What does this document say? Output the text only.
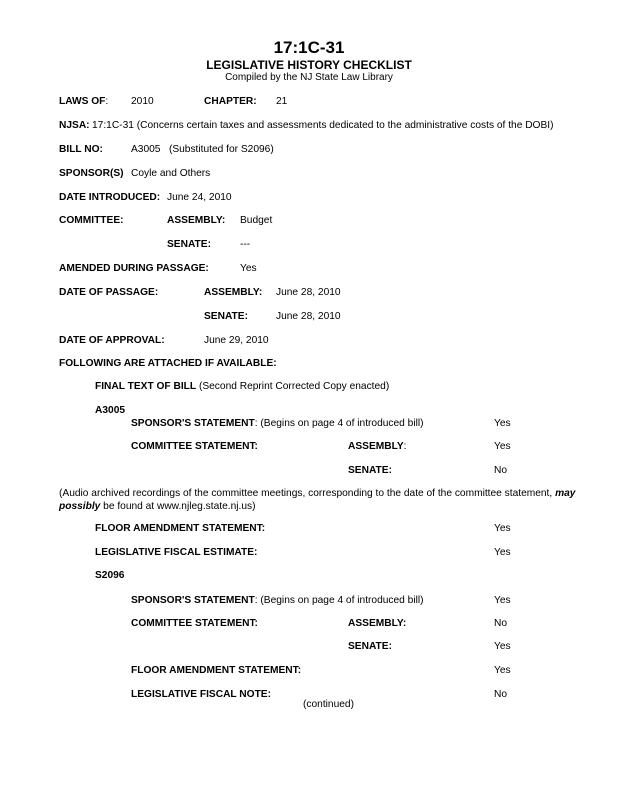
17:1C-31
LEGISLATIVE HISTORY CHECKLIST
Compiled by the NJ State Law Library
LAWS OF: 2010	CHAPTER: 21
NJSA: 17:1C-31 (Concerns certain taxes and assessments dedicated to the administrative costs of the DOBI)
BILL NO:	A3005   (Substituted for S2096)
SPONSOR(S) Coyle and Others
DATE INTRODUCED: June 24, 2010
COMMITTEE:	ASSEMBLY: Budget
SENATE:	---
AMENDED DURING PASSAGE:	Yes
DATE OF PASSAGE:	ASSEMBLY: June 28, 2010
SENATE:	June 28, 2010
DATE OF APPROVAL:	June 29, 2010
FOLLOWING ARE ATTACHED IF AVAILABLE:
FINAL TEXT OF BILL (Second Reprint Corrected Copy enacted)
A3005
SPONSOR'S STATEMENT: (Begins on page 4 of introduced bill)	Yes
COMMITTEE STATEMENT:	ASSEMBLY:	Yes
SENATE:	No
(Audio archived recordings of the committee meetings, corresponding to the date of the committee statement, may possibly be found at www.njleg.state.nj.us)
FLOOR AMENDMENT STATEMENT:	Yes
LEGISLATIVE FISCAL ESTIMATE:	Yes
S2096
SPONSOR'S STATEMENT: (Begins on page 4 of introduced bill)	Yes
COMMITTEE STATEMENT:	ASSEMBLY:	No
SENATE:	Yes
FLOOR AMENDMENT STATEMENT:	Yes
LEGISLATIVE FISCAL NOTE:	No
(continued)
